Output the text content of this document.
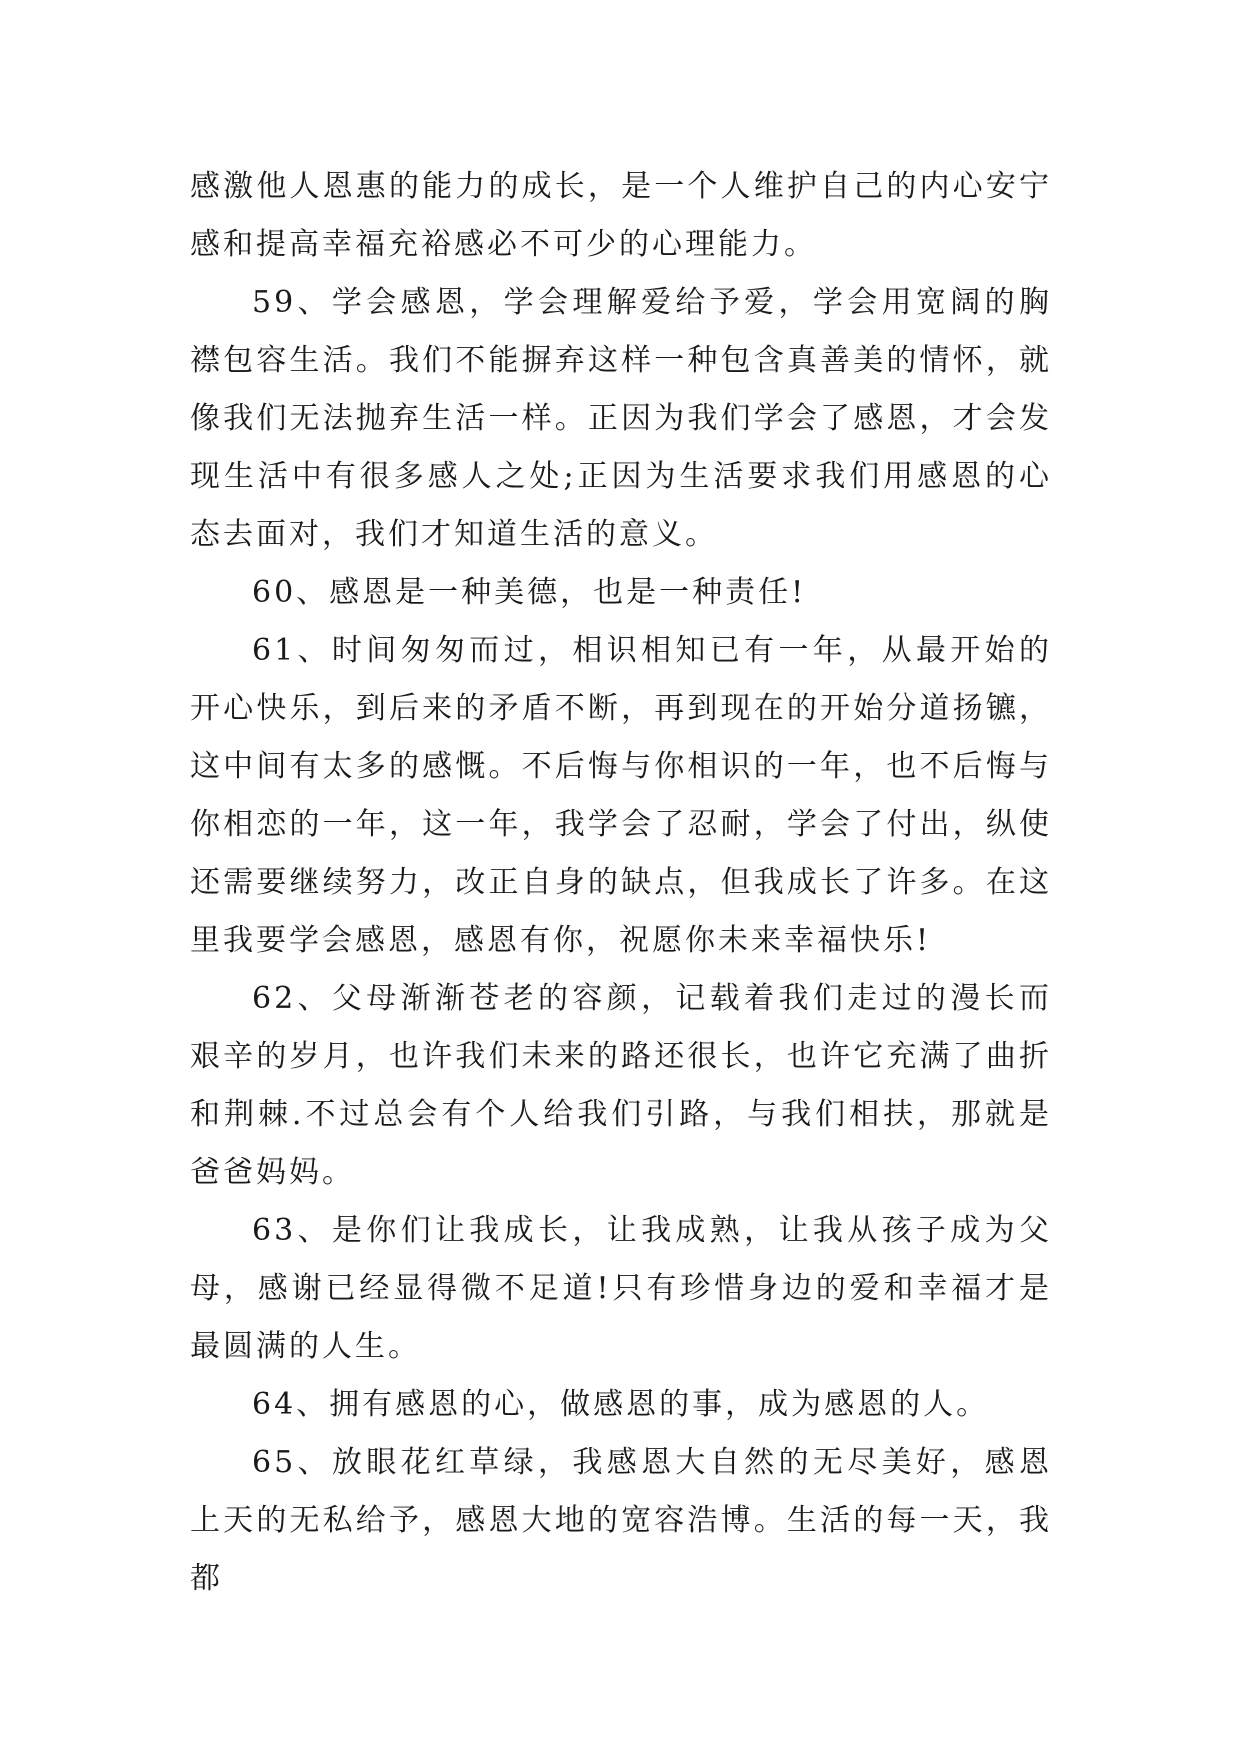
感激他人恩惠的能力的成长，是一个人维护自己的内心安宁感和提高幸福充裕感必不可少的心理能力。

59、学会感恩，学会理解爱给予爱，学会用宽阔的胸襟包容生活。我们不能摒弃这样一种包含真善美的情怀，就像我们无法抛弃生活一样。正因为我们学会了感恩，才会发现生活中有很多感人之处;正因为生活要求我们用感恩的心态去面对，我们才知道生活的意义。

60、感恩是一种美德，也是一种责任!

61、时间匆匆而过，相识相知已有一年，从最开始的开心快乐，到后来的矛盾不断，再到现在的开始分道扬镳，这中间有太多的感慨。不后悔与你相识的一年，也不后悔与你相恋的一年，这一年，我学会了忍耐，学会了付出，纵使还需要继续努力，改正自身的缺点，但我成长了许多。在这里我要学会感恩，感恩有你，祝愿你未来幸福快乐!

62、父母渐渐苍老的容颜，记载着我们走过的漫长而艰辛的岁月，也许我们未来的路还很长，也许它充满了曲折和荆棘.不过总会有个人给我们引路，与我们相扶，那就是爸爸妈妈。

63、是你们让我成长，让我成熟，让我从孩子成为父母，感谢已经显得微不足道!只有珍惜身边的爱和幸福才是最圆满的人生。

64、拥有感恩的心，做感恩的事，成为感恩的人。

65、放眼花红草绿，我感恩大自然的无尽美好，感恩上天的无私给予，感恩大地的宽容浩博。生活的每一天，我都
